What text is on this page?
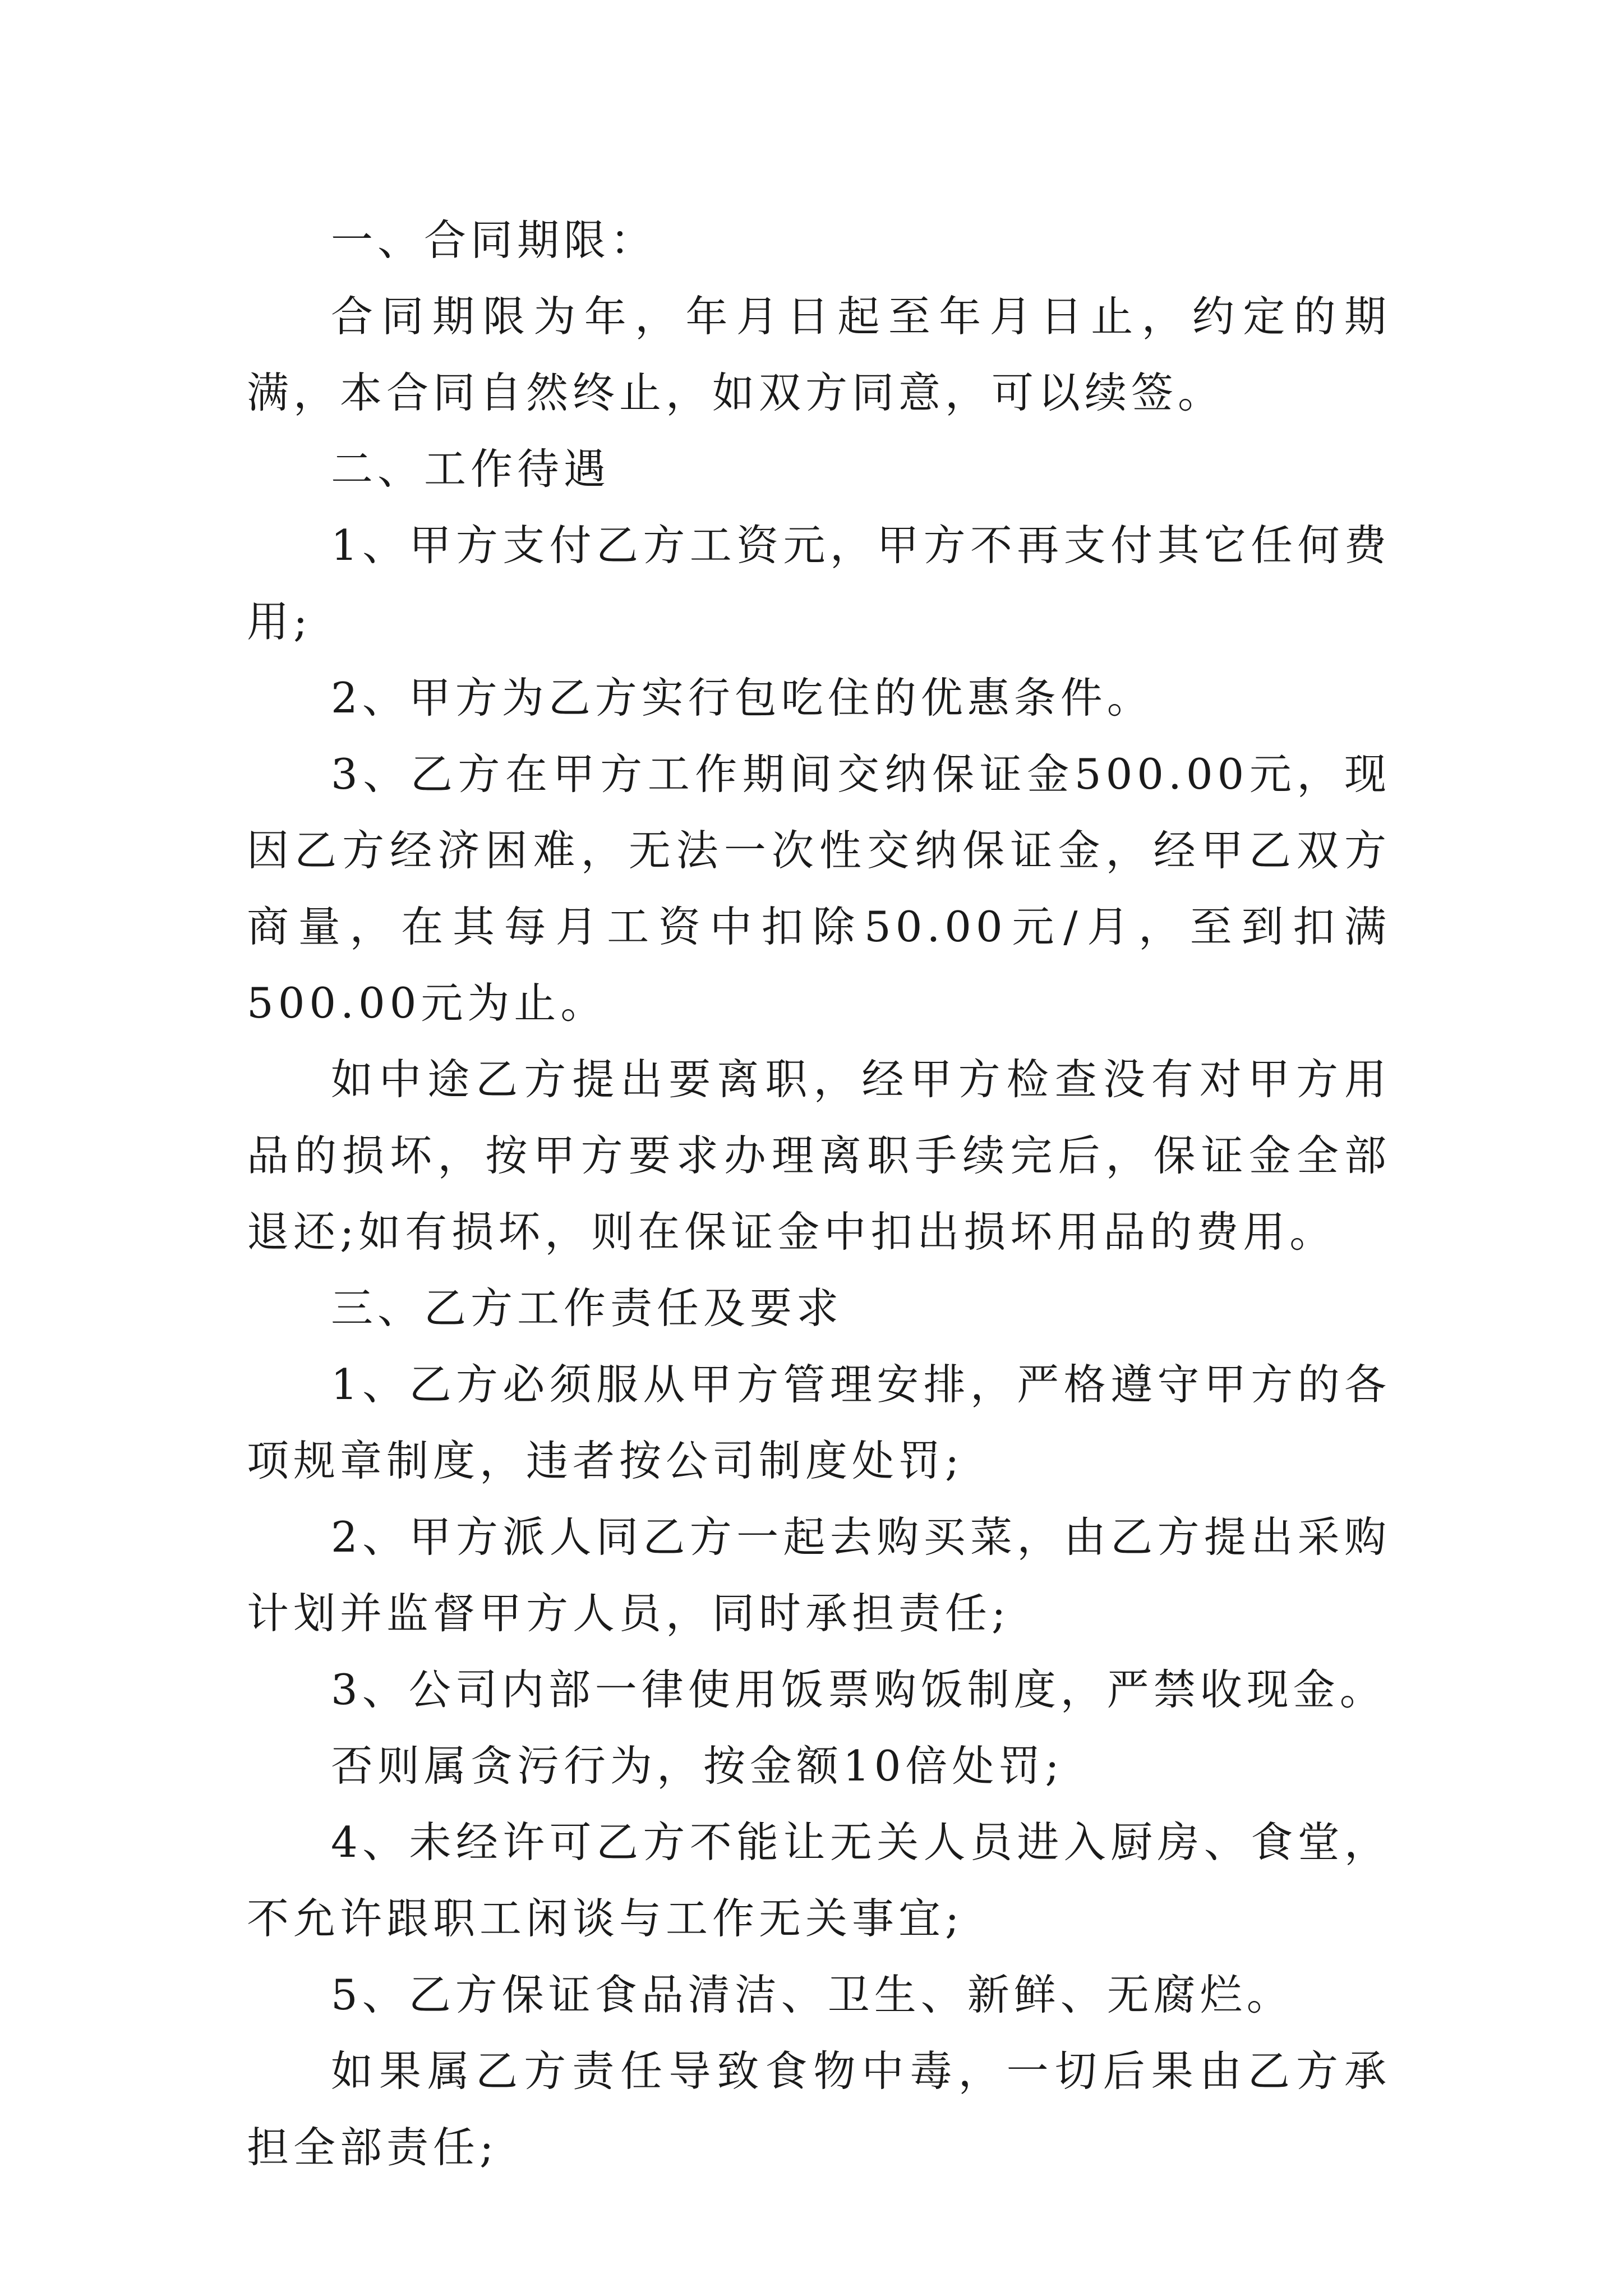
一、合同期限：

合同期限为年，年月日起至年月日止，约定的期满，本合同自然终止，如双方同意，可以续签。

二、工作待遇

1、甲方支付乙方工资元，甲方不再支付其它任何费用;

2、甲方为乙方实行包吃住的优惠条件。

3、乙方在甲方工作期间交纳保证金500.00元，现因乙方经济困难，无法一次性交纳保证金，经甲乙双方商量，在其每月工资中扣除50.00元/月，至到扣满500.00元为止。

如中途乙方提出要离职，经甲方检查没有对甲方用品的损坏，按甲方要求办理离职手续完后，保证金全部退还;如有损坏，则在保证金中扣出损坏用品的费用。

三、乙方工作责任及要求

1、乙方必须服从甲方管理安排，严格遵守甲方的各项规章制度，违者按公司制度处罚;

2、甲方派人同乙方一起去购买菜，由乙方提出采购计划并监督甲方人员，同时承担责任;

3、公司内部一律使用饭票购饭制度，严禁收现金。

否则属贪污行为，按金额10倍处罚;

4、未经许可乙方不能让无关人员进入厨房、食堂，不允许跟职工闲谈与工作无关事宜;

5、乙方保证食品清洁、卫生、新鲜、无腐烂。

如果属乙方责任导致食物中毒，一切后果由乙方承担全部责任;
